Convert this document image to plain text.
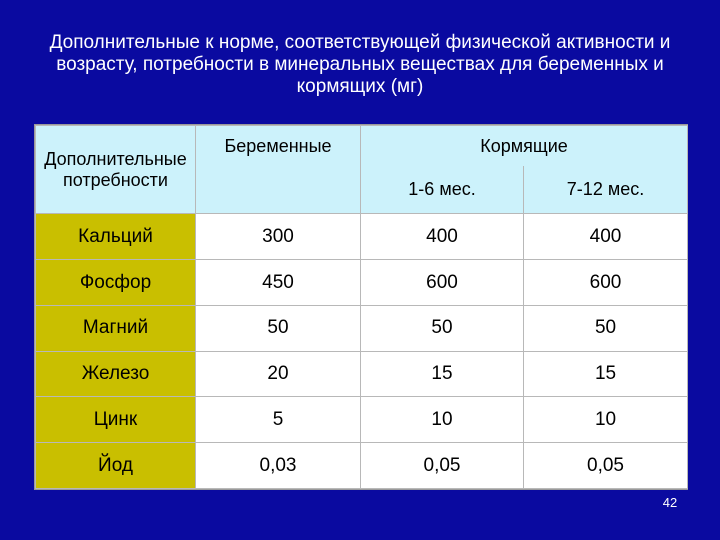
Дополнительные к норме, соответствующей физической активности и возрасту, потребности в минеральных веществах для беременных и кормящих (мг)
Дополнительные потребности	Беременные	Кормящие	
		1-6 мес.	7-12 мес.
Кальций	300	400	400
Фосфор	450	600	600
Магний	50	50	50
Железо	20	15	15
Цинк	5	10	10
Йод	0,03	0,05	0,05
42
